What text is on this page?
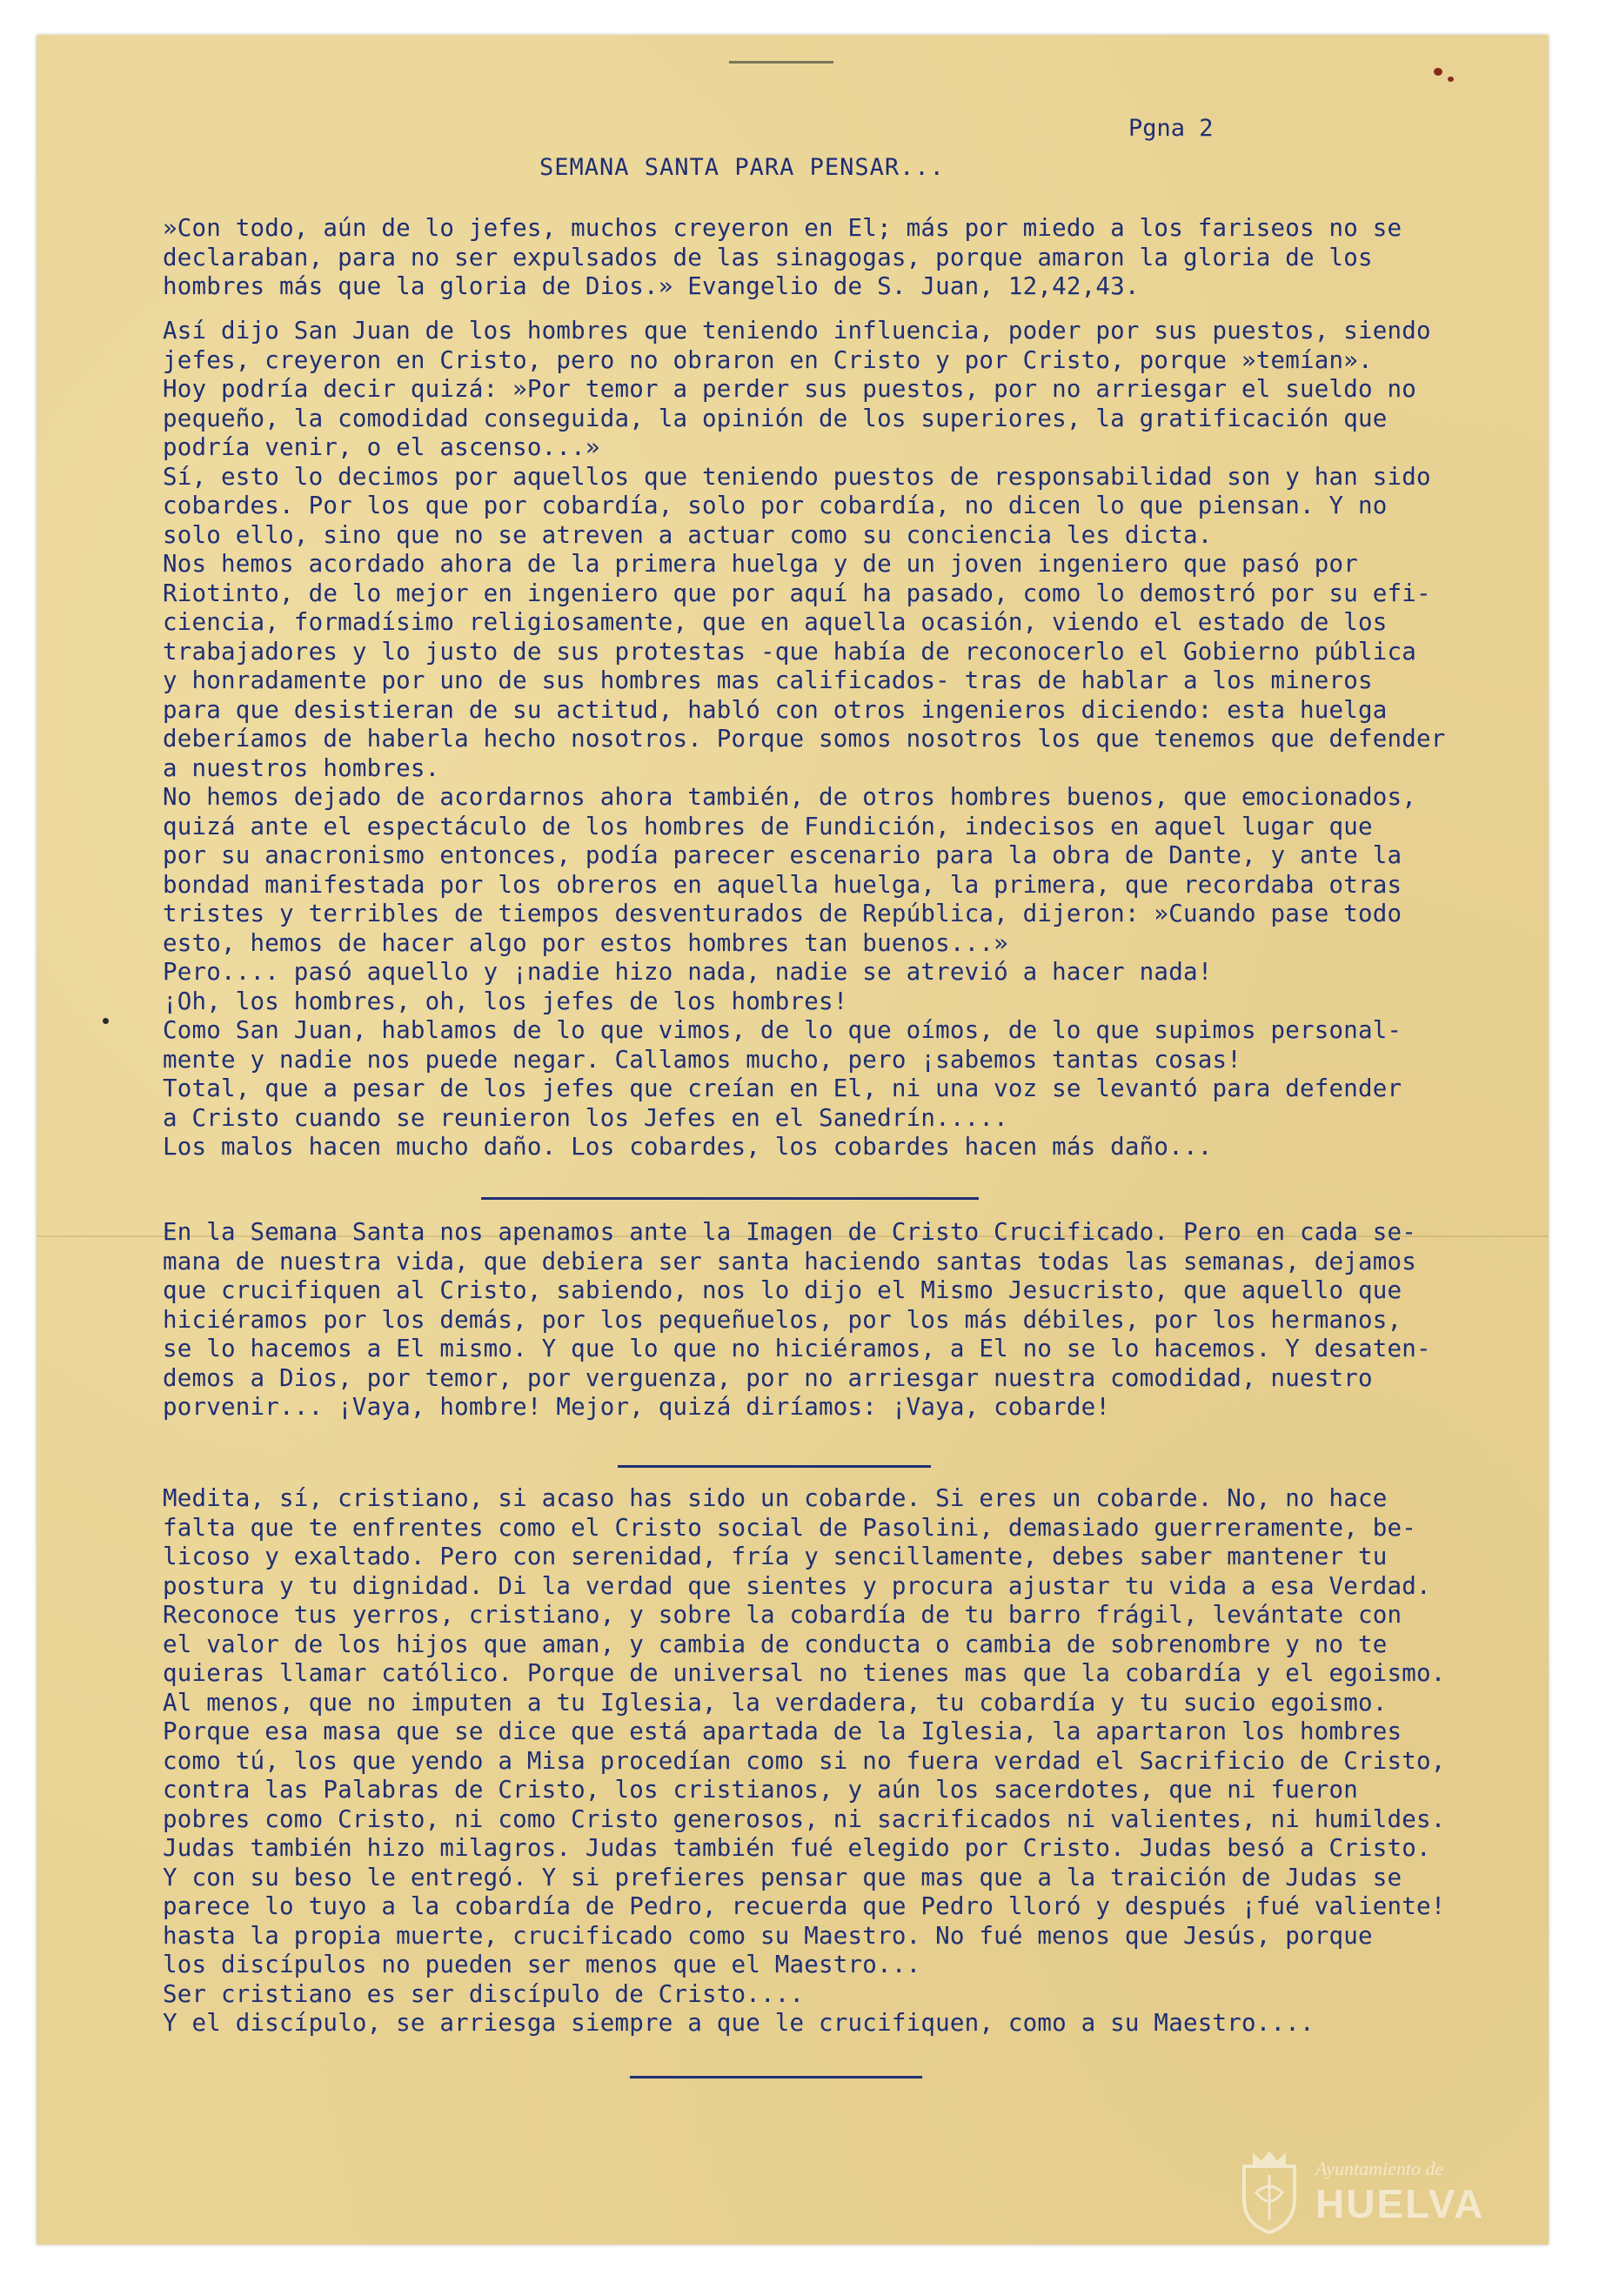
Pgna 2
SEMANA SANTA PARA PENSAR...
»Con todo, aún de lo jefes, muchos creyeron en El; más por miedo a los fariseos no se
declaraban, para no ser expulsados de las sinagogas, porque amaron la gloria de los
hombres más que la gloria de Dios.» Evangelio de S. Juan, 12,42,43.
Así dijo San Juan de los hombres que teniendo influencia, poder por sus puestos, siendo
jefes, creyeron en Cristo, pero no obraron en Cristo y por Cristo, porque »temían».
Hoy podría decir quizá: »Por temor a perder sus puestos, por no arriesgar el sueldo no
pequeño, la comodidad conseguida, la opinión de los superiores, la gratificación que
podría venir, o el ascenso...»
Sí, esto lo decimos por aquellos que teniendo puestos de responsabilidad son y han sido
cobardes. Por los que por cobardía, solo por cobardía, no dicen lo que piensan. Y no
solo ello, sino que no se atreven a actuar como su conciencia les dicta.
Nos hemos acordado ahora de la primera huelga y de un joven ingeniero que pasó por
Riotinto, de lo mejor en ingeniero que por aquí ha pasado, como lo demostró por su efi-
ciencia, formadísimo religiosamente, que en aquella ocasión, viendo el estado de los
trabajadores y lo justo de sus protestas -que había de reconocerlo el Gobierno pública
y honradamente por uno de sus hombres mas calificados- tras de hablar a los mineros
para que desistieran de su actitud, habló con otros ingenieros diciendo: esta huelga
deberíamos de haberla hecho nosotros. Porque somos nosotros los que tenemos que defender
a nuestros hombres.
No hemos dejado de acordarnos ahora también, de otros hombres buenos, que emocionados,
quizá ante el espectáculo de los hombres de Fundición, indecisos en aquel lugar que
por su anacronismo entonces, podía parecer escenario para la obra de Dante, y ante la
bondad manifestada por los obreros en aquella huelga, la primera, que recordaba otras
tristes y terribles de tiempos desventurados de República, dijeron: »Cuando pase todo
esto, hemos de hacer algo por estos hombres tan buenos...»
Pero.... pasó aquello y ¡nadie hizo nada, nadie se atrevió a hacer nada!
¡Oh, los hombres, oh, los jefes de los hombres!
Como San Juan, hablamos de lo que vimos, de lo que oímos, de lo que supimos personal-
mente y nadie nos puede negar. Callamos mucho, pero ¡sabemos tantas cosas!
Total, que a pesar de los jefes que creían en El, ni una voz se levantó para defender
a Cristo cuando se reunieron los Jefes en el Sanedrín.....
Los malos hacen mucho daño. Los cobardes, los cobardes hacen más daño...
En la Semana Santa nos apenamos ante la Imagen de Cristo Crucificado. Pero en cada se-
mana de nuestra vida, que debiera ser santa haciendo santas todas las semanas, dejamos
que crucifiquen al Cristo, sabiendo, nos lo dijo el Mismo Jesucristo, que aquello que
hiciéramos por los demás, por los pequeñuelos, por los más débiles, por los hermanos,
se lo hacemos a El mismo. Y que lo que no hiciéramos, a El no se lo hacemos. Y desaten-
demos a Dios, por temor, por verguenza, por no arriesgar nuestra comodidad, nuestro
porvenir... ¡Vaya, hombre! Mejor, quizá diríamos: ¡Vaya, cobarde!
Medita, sí, cristiano, si acaso has sido un cobarde. Si eres un cobarde. No, no hace
falta que te enfrentes como el Cristo social de Pasolini, demasiado guerreramente, be-
licoso y exaltado. Pero con serenidad, fría y sencillamente, debes saber mantener tu
postura y tu dignidad. Di la verdad que sientes y procura ajustar tu vida a esa Verdad.
Reconoce tus yerros, cristiano, y sobre la cobardía de tu barro frágil, levántate con
el valor de los hijos que aman, y cambia de conducta o cambia de sobrenombre y no te
quieras llamar católico. Porque de universal no tienes mas que la cobardía y el egoismo.
Al menos, que no imputen a tu Iglesia, la verdadera, tu cobardía y tu sucio egoismo.
Porque esa masa que se dice que está apartada de la Iglesia, la apartaron los hombres
como tú, los que yendo a Misa procedían como si no fuera verdad el Sacrificio de Cristo,
contra las Palabras de Cristo, los cristianos, y aún los sacerdotes, que ni fueron
pobres como Cristo, ni como Cristo generosos, ni sacrificados ni valientes, ni humildes.
Judas también hizo milagros. Judas también fué elegido por Cristo. Judas besó a Cristo.
Y con su beso le entregó. Y si prefieres pensar que mas que a la traición de Judas se
parece lo tuyo a la cobardía de Pedro, recuerda que Pedro lloró y después ¡fué valiente!
hasta la propia muerte, crucificado como su Maestro. No fué menos que Jesús, porque
los discípulos no pueden ser menos que el Maestro...
Ser cristiano es ser discípulo de Cristo....
Y el discípulo, se arriesga siempre a que le crucifiquen, como a su Maestro....
Ayuntamiento de
HUELVA
